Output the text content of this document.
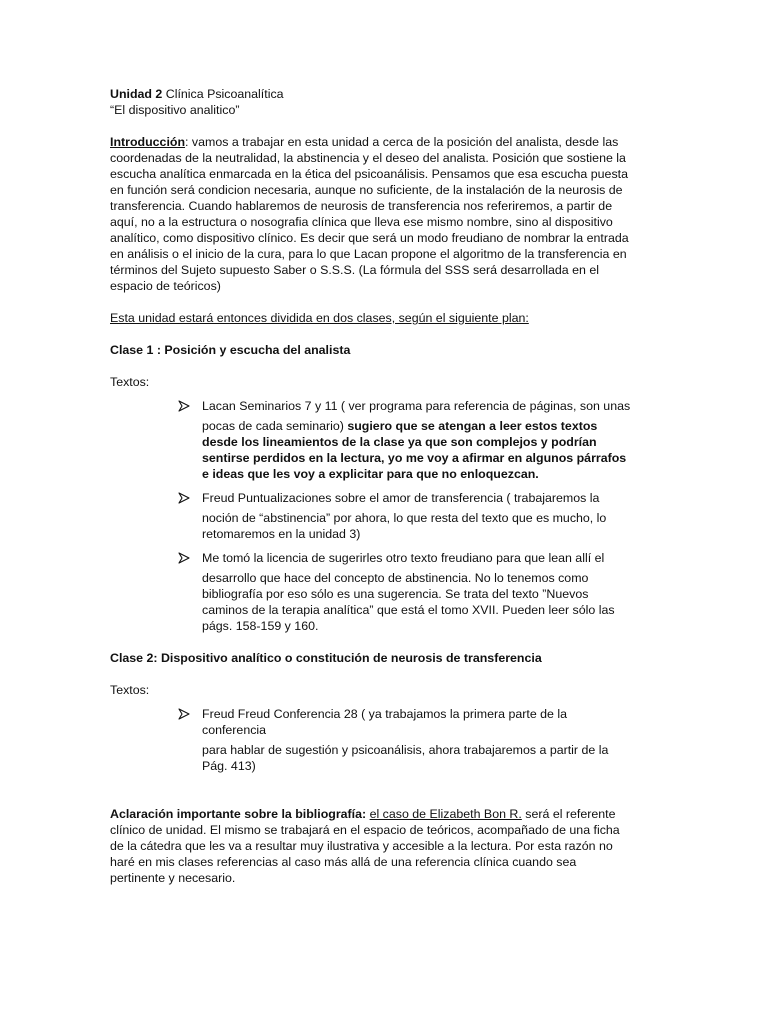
Unidad 2 Clínica Psicoanalítica

“El dispositivo analitico”

Introducción: vamos a trabajar en esta unidad a cerca de la posición del analista, desde las coordenadas de la neutralidad, la abstinencia y el deseo del analista. Posición que sostiene la escucha analítica enmarcada en la ética del psicoanálisis. Pensamos que esa escucha puesta en función será condicion necesaria, aunque no suficiente, de la instalación de la neurosis de transferencia. Cuando hablaremos de neurosis de transferencia nos referiremos, a partir de aquí, no a la estructura o nosografia clínica que lleva ese mismo nombre, sino al dispositivo analítico, como dispositivo clínico. Es decir que será un modo freudiano de nombrar la entrada en análisis o el inicio de la cura, para lo que Lacan propone el algoritmo de la transferencia en términos del Sujeto supuesto Saber o S.S.S. (La fórmula del SSS será desarrollada en el espacio de teóricos)

Esta unidad estará entonces dividida en dos clases, según el siguiente plan:

Clase 1 : Posición y escucha del analista

Textos:

Lacan Seminarios 7 y 11 ( ver programa para referencia de páginas, son unas
pocas de cada seminario) sugiero que se atengan a leer estos textos desde los lineamientos de la clase ya que son complejos y podrían sentirse perdidos en la lectura, yo me voy a afirmar en algunos párrafos e ideas que les voy a explicitar para que no enloquezcan.
Freud Puntualizaciones sobre el amor de transferencia ( trabajaremos la
noción de “abstinencia” por ahora, lo que resta del texto que es mucho, lo retomaremos en la unidad 3)
Me tomó la licencia de sugerirles otro texto freudiano para que lean allí el
desarrollo que hace del concepto de abstinencia. No lo tenemos como bibliografía por eso sólo es una sugerencia. Se trata del texto ”Nuevos caminos de la terapia analítica” que está el tomo XVII. Pueden leer sólo las págs. 158-159 y 160.

Clase 2: Dispositivo analítico o constitución de neurosis de transferencia

Textos:

Freud Freud Conferencia 28 ( ya trabajamos la primera parte de la conferencia
para hablar de sugestión y psicoanálisis, ahora trabajaremos a partir de la Pág. 413)

Aclaración importante sobre la bibliografía: el caso de Elizabeth Bon R. será el referente clínico de unidad. El mismo se trabajará en el espacio de teóricos, acompañado de una ficha de la cátedra que les va a resultar muy ilustrativa y accesible a la lectura. Por esta razón no haré en mis clases referencias al caso más allá de una referencia clínica cuando sea pertinente y necesario.
